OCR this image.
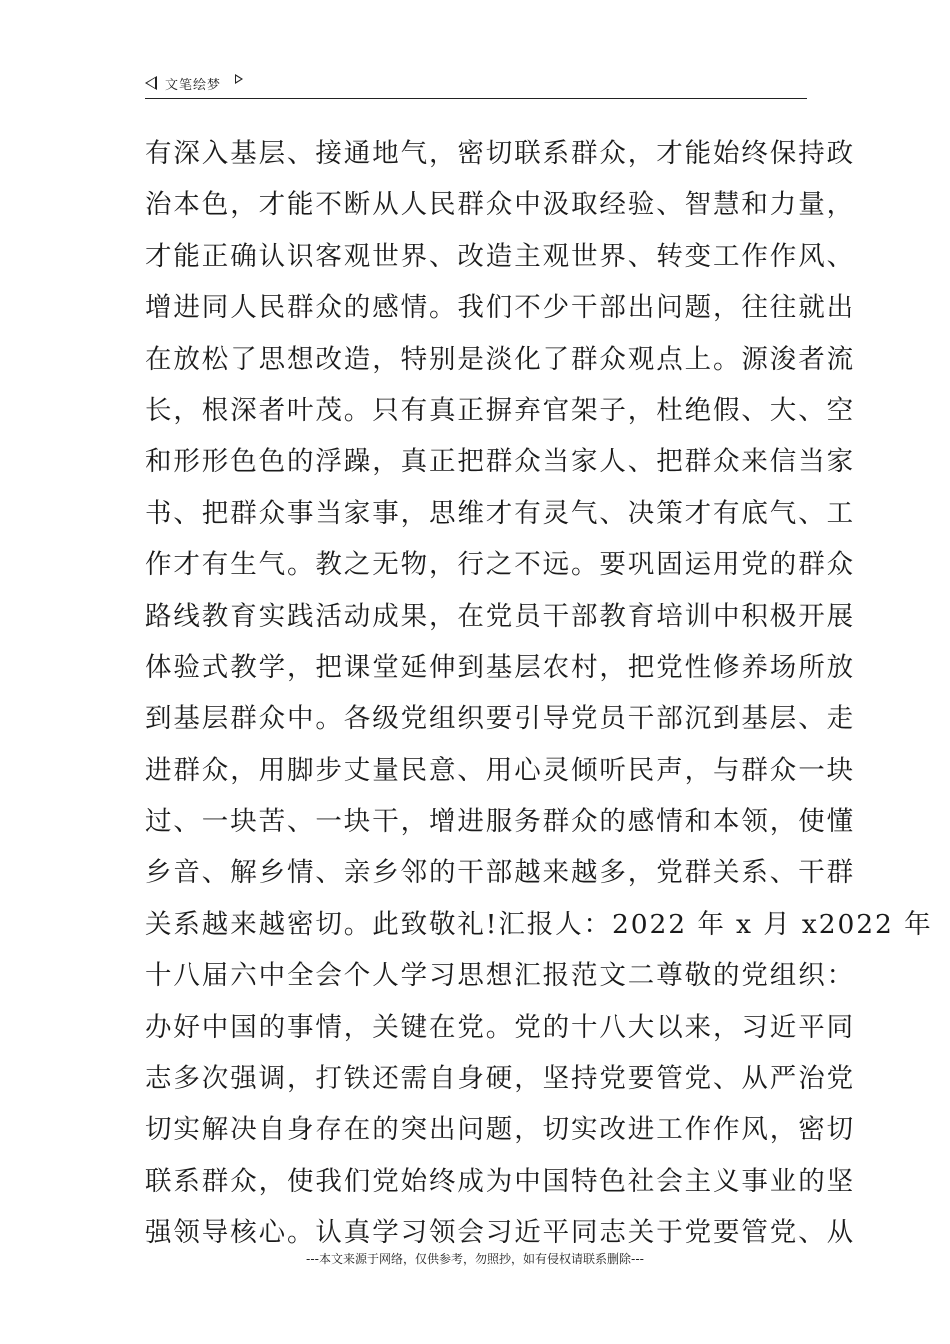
文笔绘梦
有深入基层、接通地气，密切联系群众，才能始终保持政
治本色，才能不断从人民群众中汲取经验、智慧和力量，
才能正确认识客观世界、改造主观世界、转变工作作风、
增进同人民群众的感情。我们不少干部出问题，往往就出
在放松了思想改造，特别是淡化了群众观点上。源浚者流
长，根深者叶茂。只有真正摒弃官架子，杜绝假、大、空
和形形色色的浮躁，真正把群众当家人、把群众来信当家
书、把群众事当家事，思维才有灵气、决策才有底气、工
作才有生气。教之无物，行之不远。要巩固运用党的群众
路线教育实践活动成果，在党员干部教育培训中积极开展
体验式教学，把课堂延伸到基层农村，把党性修养场所放
到基层群众中。各级党组织要引导党员干部沉到基层、走
进群众，用脚步丈量民意、用心灵倾听民声，与群众一块
过、一块苦、一块干，增进服务群众的感情和本领，使懂
乡音、解乡情、亲乡邻的干部越来越多，党群关系、干群
关系越来越密切。此致敬礼!汇报人：2022 年 x 月 x2022 年
十八届六中全会个人学习思想汇报范文二尊敬的党组织：
办好中国的事情，关键在党。党的十八大以来，习近平同
志多次强调，打铁还需自身硬，坚持党要管党、从严治党
切实解决自身存在的突出问题，切实改进工作作风，密切
联系群众，使我们党始终成为中国特色社会主义事业的坚
强领导核心。认真学习领会习近平同志关于党要管党、从
---本文来源于网络，仅供参考，勿照抄，如有侵权请联系删除---
